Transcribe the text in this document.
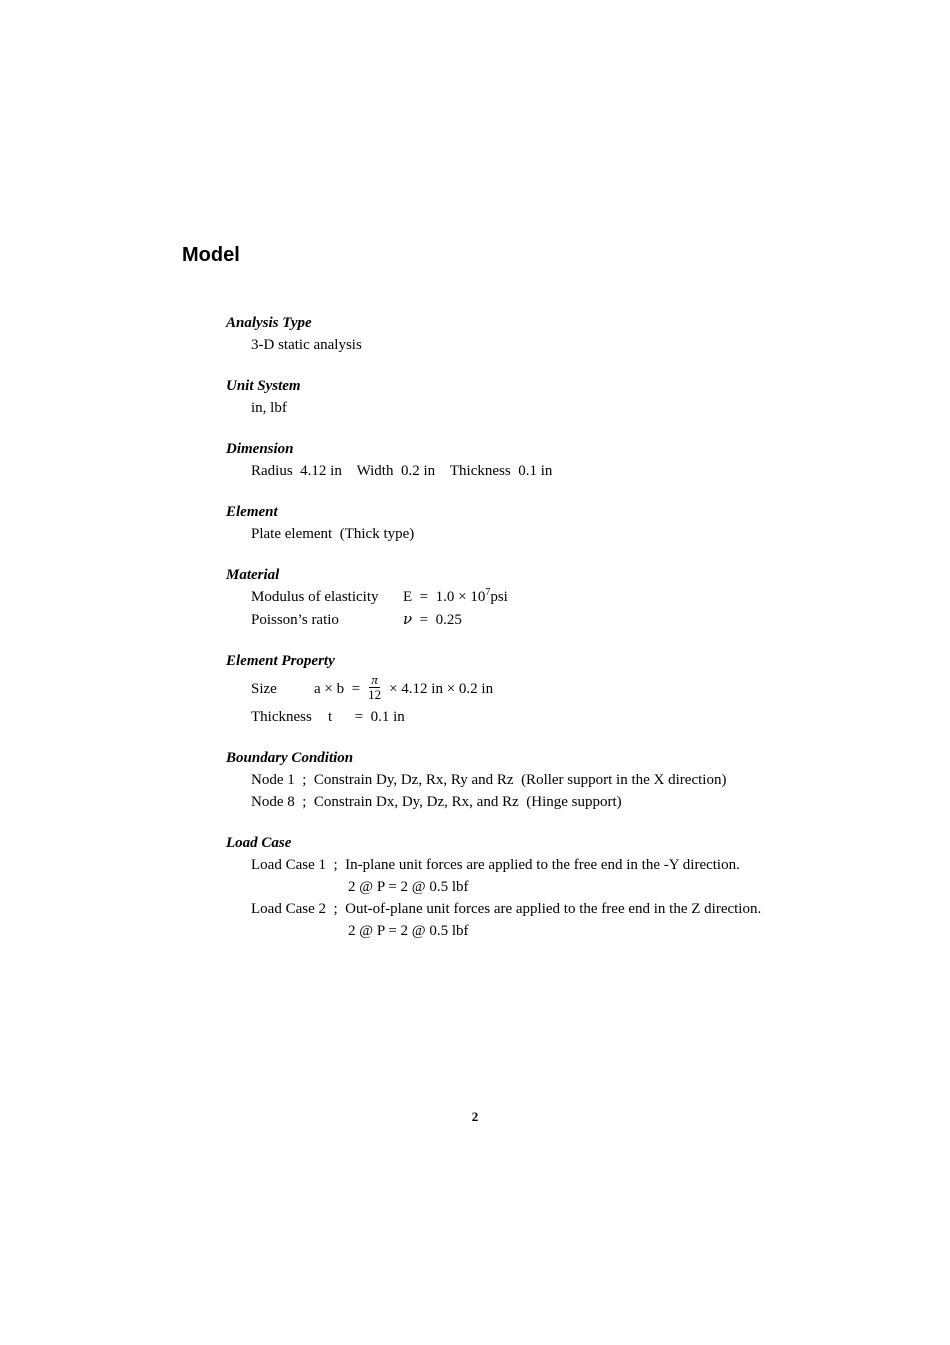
Model
Analysis Type
3-D static analysis
Unit System
in, lbf
Dimension
Radius 4.12 in Width 0.2 in Thickness 0.1 in
Element
Plate element  (Thick type)
Material
Modulus of elasticity $E = 1.0 \times 10^7psi$
Poisson’s ratio	ν =  0.25
Element Property
Size	$a \times b = \frac{\pi}{12} \times 4.12$ in × 0.2 in
Thickness t      =  0.1 in
Boundary Condition
Node 1  ;  Constrain Dy, Dz, Rx, Ry and Rz  (Roller support in the X direction)
Node 8  ;  Constrain Dx, Dy, Dz, Rx, and Rz  (Hinge support)
Load Case
Load Case 1  ;  In-plane unit forces are applied to the free end in the -Y direction.
2 @ P = 2 @ 0.5 lbf
Load Case 2  ;  Out-of-plane unit forces are applied to the free end in the Z direction.
2 @ P = 2 @ 0.5 lbf
2
